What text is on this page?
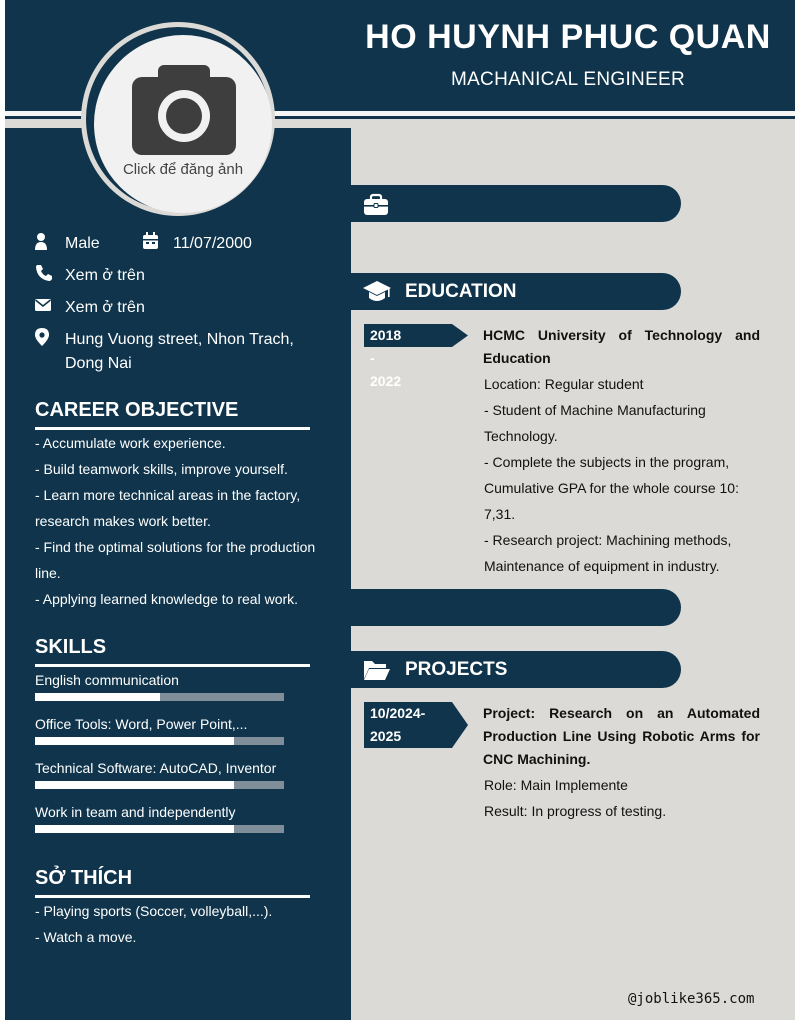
HO HUYNH PHUC QUAN
MACHANICAL ENGINEER
Click để đăng ảnh
Male	11/07/2000
Xem ở trên
Xem ở trên
Hung Vuong street, Nhon Trach, Dong Nai
CAREER OBJECTIVE
- Accumulate work experience.
- Build teamwork skills, improve yourself.
- Learn more technical areas in the factory, research makes work better.
- Find the optimal solutions for the production line.
- Applying learned knowledge to real work.
SKILLS
English communication
Office Tools: Word, Power Point,...
Technical Software: AutoCAD, Inventor
Work in team and independently
SỞ THÍCH
- Playing sports (Soccer, volleyball,...).
- Watch a move.
EDUCATION
2018 - 2022
HCMC University of Technology and Education
Location: Regular student
- Student of Machine Manufacturing Technology.
- Complete the subjects in the program, Cumulative GPA for the whole course 10: 7,31.
- Research project: Machining methods, Maintenance of equipment in industry.
PROJECTS
10/2024-
2025
Project: Research on an Automated Production Line Using Robotic Arms for CNC Machining.
Role: Main Implemente
Result: In progress of testing.
@joblike365.com
